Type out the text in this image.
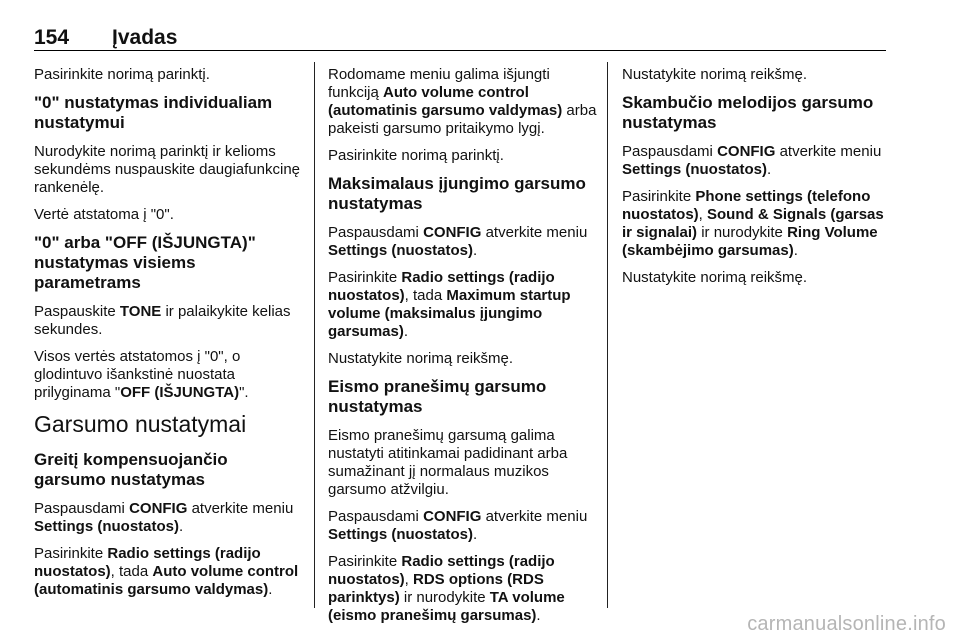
154 Įvadas

Pasirinkite norimą parinktį.

"0" nustatymas individualiam nustatymui

Nurodykite norimą parinktį ir kelioms sekundėms nuspauskite daugiafunkcinę rankenėlę.

Vertė atstatoma į "0".

"0" arba "OFF (IŠJUNGTA)" nustatymas visiems parametrams

Paspauskite TONE ir palaikykite kelias sekundes.

Visos vertės atstatomos į "0", o glodintuvo išankstinė nuostata prilyginama "OFF (IŠJUNGTA)".

Garsumo nustatymai
Greitį kompensuojančio garsumo nustatymas

Paspausdami CONFIG atverkite meniu Settings (nuostatos).

Pasirinkite Radio settings (radijo nuostatos), tada Auto volume control (automatinis garsumo valdymas).

Rodomame meniu galima išjungti funkciją Auto volume control (automatinis garsumo valdymas) arba pakeisti garsumo pritaikymo lygį.

Pasirinkite norimą parinktį.

Maksimalaus įjungimo garsumo nustatymas

Paspausdami CONFIG atverkite meniu Settings (nuostatos).

Pasirinkite Radio settings (radijo nuostatos), tada Maximum startup volume (maksimalus įjungimo garsumas).

Nustatykite norimą reikšmę.

Eismo pranešimų garsumo nustatymas

Eismo pranešimų garsumą galima nustatyti atitinkamai padidinant arba sumažinant jį normalaus muzikos garsumo atžvilgiu.

Paspausdami CONFIG atverkite meniu Settings (nuostatos).

Pasirinkite Radio settings (radijo nuostatos), RDS options (RDS parinktys) ir nurodykite TA volume (eismo pranešimų garsumas).

Nustatykite norimą reikšmę.

Skambučio melodijos garsumo nustatymas

Paspausdami CONFIG atverkite meniu Settings (nuostatos).

Pasirinkite Phone settings (telefono nuostatos), Sound & Signals (garsas ir signalai) ir nurodykite Ring Volume (skambėjimo garsumas).

Nustatykite norimą reikšmę.

carmanualsonline.info
